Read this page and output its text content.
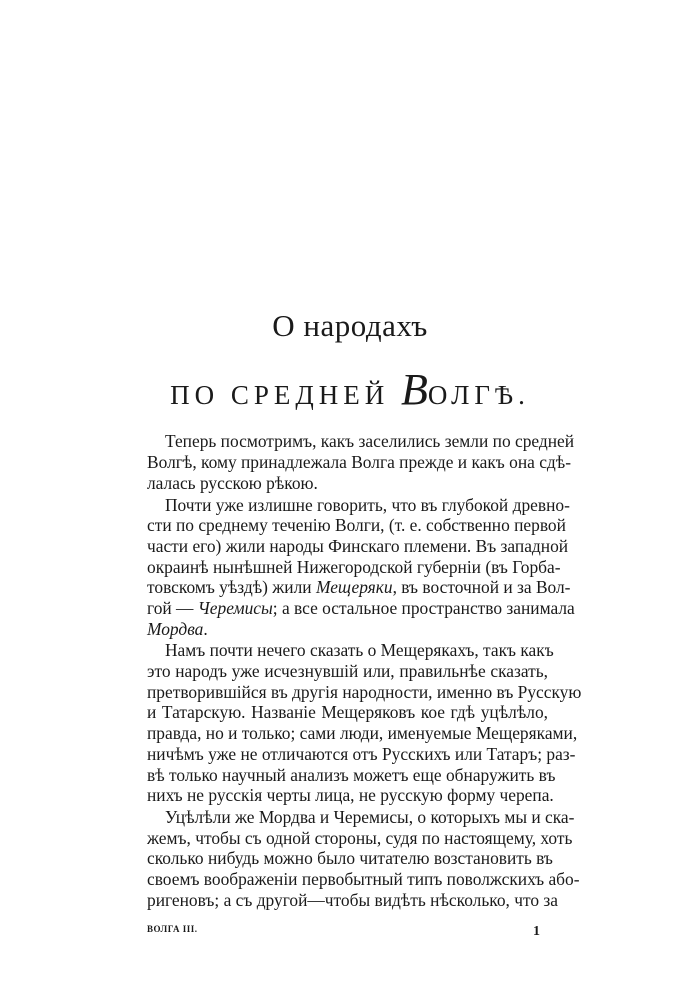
О народахъ
ПО СРЕДНЕЙ ВОЛГѢ.
Теперь посмотримъ, какъ заселились земли по средней
Волгѣ, кому принадлежала Волга прежде и какъ она сдѣ-
лалась русскою рѣкою.
Почти уже излишне говорить, что въ глубокой древно-
сти по среднему теченiю Волги, (т. е. собственно первой
части его) жили народы Финскаго племени. Въ западной
окраинѣ нынѣшней Нижегородской губернiи (въ Горба-
товскомъ уѣздѣ) жили Мещеряки, въ восточной и за Вол-
гой — Черемисы; а все остальное пространство занимала
Мордва.
Намъ почти нечего сказать о Мещерякахъ, такъ какъ
это народъ уже исчезнувшiй или, правильнѣе сказать,
претворившiйся въ другiя народности, именно въ Русскую
и Татарскую. Названiе Мещеряковъ кое гдѣ уцѣлѣло,
правда, но и только; сами люди, именуемые Мещеряками,
ничѣмъ уже не отличаются отъ Русскихъ или Татаръ; раз-
вѣ только научный анализъ можетъ еще обнаружить въ
нихъ не русскiя черты лица, не русскую форму черепа.
Уцѣлѣли же Мордва и Черемисы, о которыхъ мы и ска-
жемъ, чтобы съ одной стороны, судя по настоящему, хоть
сколько нибудь можно было читателю возстановить въ
своемъ воображенiи первобытный типъ поволжскихъ або-
ригеновъ; а съ другой—чтобы видѣть нѣсколько, что за
ВОЛГА III.	1
